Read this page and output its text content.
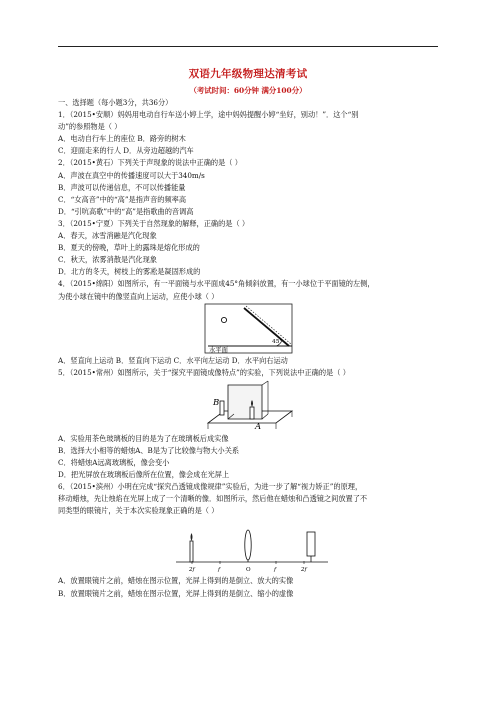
双语九年级物理达清考试
（考试时间：60分钟 满分100分）
一、选择题（每小题3分，共36分）
1．（2015•安顺）妈妈用电动自行车送小婷上学，途中妈妈提醒小婷“坐好，别动！”．这个“别
动”的参照物是（ ）
A．电动自行车上的座位 B．路旁的树木
C．迎面走来的行人 D．从旁边超越的汽车
2．（2015•黄石）下列关于声现象的说法中正确的是（ ）
A．声波在真空中的传播速度可以大于340m/s
B．声波可以传递信息，不可以传播能量
C．“女高音”中的“高”是指声音的频率高
D．“引吭高歌”中的“高”是指歌曲的音调高
3．（2015•宁夏）下列关于自然现象的解释，正确的是（ ）
A．春天，冰雪消融是汽化现象
B．夏天的傍晚，草叶上的露珠是熔化形成的
C．秋天，浓雾消散是汽化现象
D．北方的冬天，树枝上的雾凇是凝固形成的
4．（2015•绵阳）如图所示，有一平面镜与水平面成45°角倾斜放置，有一小球位于平面镜的左侧，
为使小球在镜中的像竖直向上运动，应使小球（ ）
水平面
45°
A．竖直向上运动 B．竖直向下运动 C．水平向左运动 D．水平向右运动
5．（2015•常州）如图所示，关于“探究平面镜成像特点”的实验，下列说法中正确的是（ ）
B
A
A．实验用茶色玻璃板的目的是为了在玻璃板后成实像
B．选择大小相等的蜡烛A、B是为了比较像与物大小关系
C．将蜡烛A远离玻璃板，像会变小
D．把光屏放在玻璃板后像所在位置，像会成在光屏上
6．（2015•滨州）小明在完成“探究凸透镜成像规律”实验后，为进一步了解“视力矫正”的原理，
移动蜡烛，先让烛焰在光屏上成了一个清晰的像．如图所示，然后他在蜡烛和凸透镜之间放置了不
同类型的眼镜片，关于本次实验现象正确的是（ ）
2f	f	O	f	2f
A．放置眼镜片之前，蜡烛在图示位置，光屏上得到的是倒立、放大的实像
B．放置眼镜片之前，蜡烛在图示位置，光屏上得到的是倒立、缩小的虚像
